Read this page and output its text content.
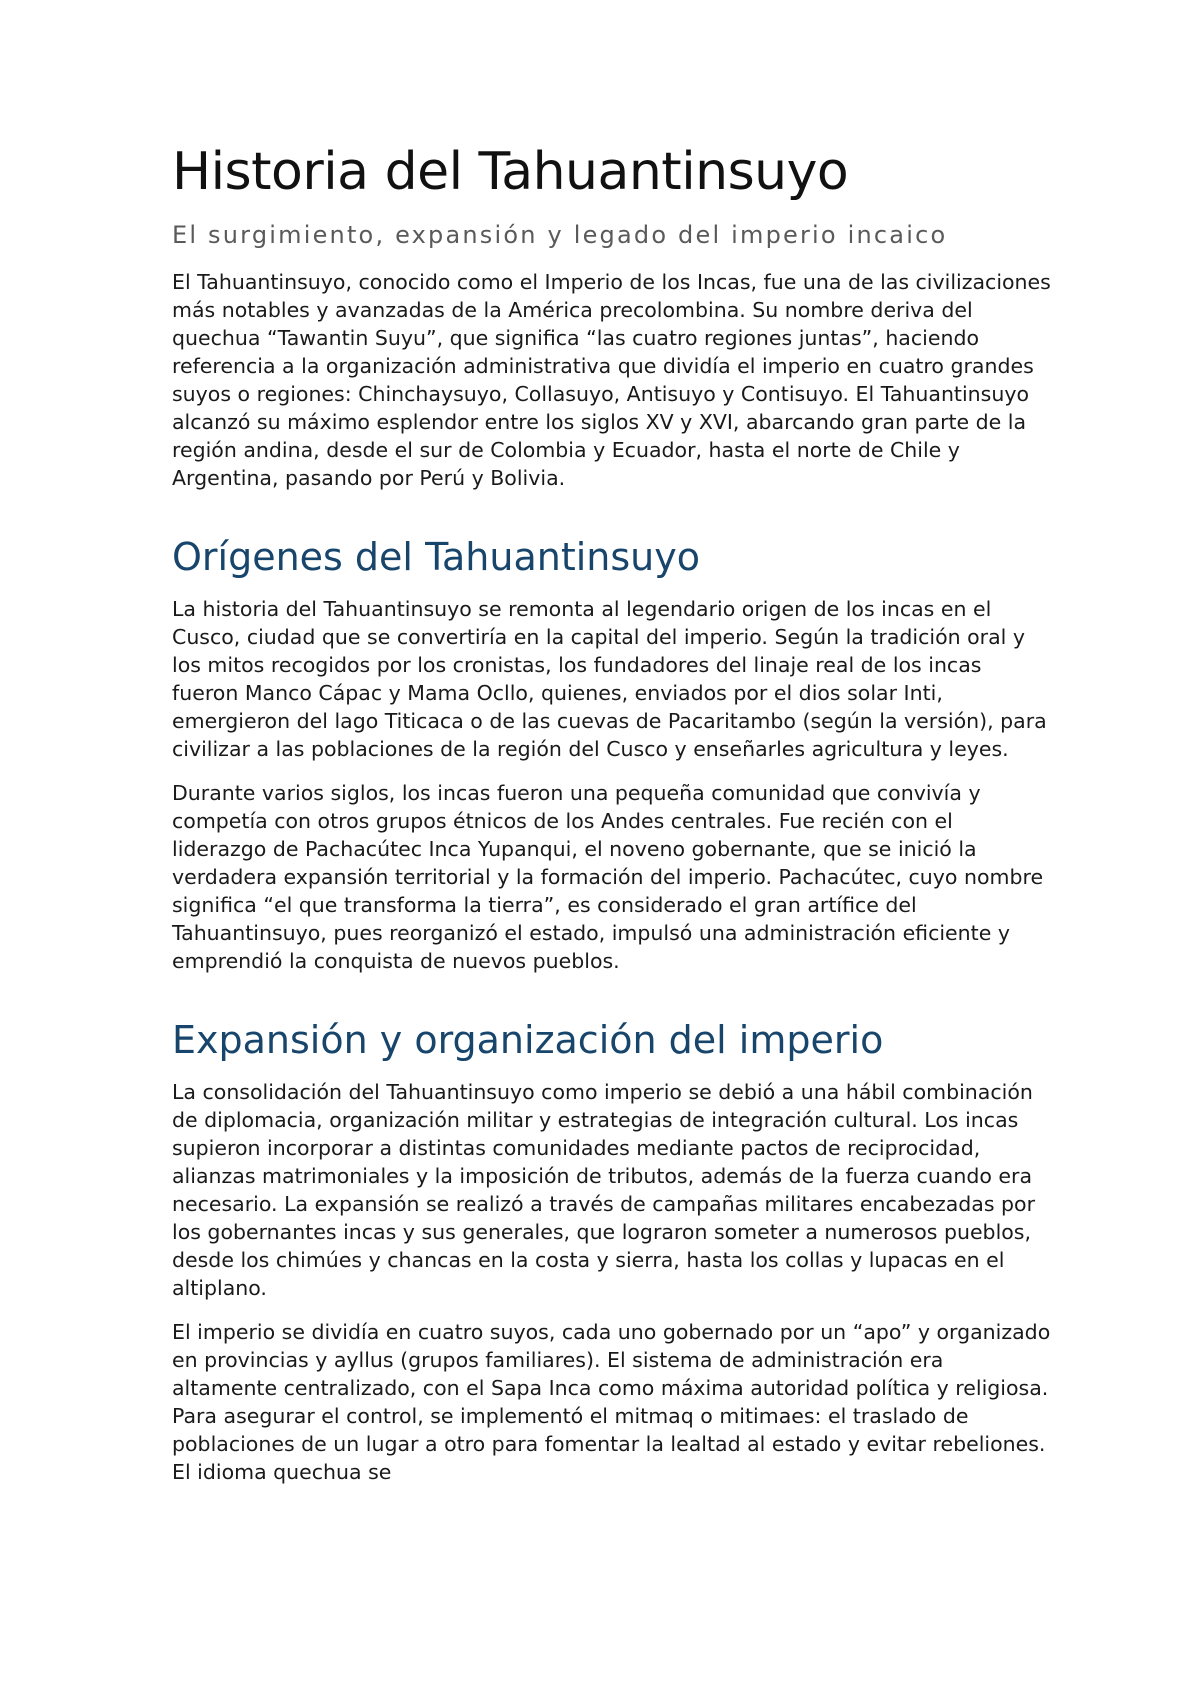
Historia del Tahuantinsuyo

El surgimiento, expansión y legado del imperio incaico

El Tahuantinsuyo, conocido como el Imperio de los Incas, fue una de las civilizaciones más notables y avanzadas de la América precolombina. Su nombre deriva del quechua “Tawantin Suyu”, que significa “las cuatro regiones juntas”, haciendo referencia a la organización administrativa que dividía el imperio en cuatro grandes suyos o regiones: Chinchaysuyo, Collasuyo, Antisuyo y Contisuyo. El Tahuantinsuyo alcanzó su máximo esplendor entre los siglos XV y XVI, abarcando gran parte de la región andina, desde el sur de Colombia y Ecuador, hasta el norte de Chile y Argentina, pasando por Perú y Bolivia.

Orígenes del Tahuantinsuyo

La historia del Tahuantinsuyo se remonta al legendario origen de los incas en el Cusco, ciudad que se convertiría en la capital del imperio. Según la tradición oral y los mitos recogidos por los cronistas, los fundadores del linaje real de los incas fueron Manco Cápac y Mama Ocllo, quienes, enviados por el dios solar Inti, emergieron del lago Titicaca o de las cuevas de Pacaritambo (según la versión), para civilizar a las poblaciones de la región del Cusco y enseñarles agricultura y leyes.

Durante varios siglos, los incas fueron una pequeña comunidad que convivía y competía con otros grupos étnicos de los Andes centrales. Fue recién con el liderazgo de Pachacútec Inca Yupanqui, el noveno gobernante, que se inició la verdadera expansión territorial y la formación del imperio. Pachacútec, cuyo nombre significa “el que transforma la tierra”, es considerado el gran artífice del Tahuantinsuyo, pues reorganizó el estado, impulsó una administración eficiente y emprendió la conquista de nuevos pueblos.

Expansión y organización del imperio

La consolidación del Tahuantinsuyo como imperio se debió a una hábil combinación de diplomacia, organización militar y estrategias de integración cultural. Los incas supieron incorporar a distintas comunidades mediante pactos de reciprocidad, alianzas matrimoniales y la imposición de tributos, además de la fuerza cuando era necesario. La expansión se realizó a través de campañas militares encabezadas por los gobernantes incas y sus generales, que lograron someter a numerosos pueblos, desde los chimúes y chancas en la costa y sierra, hasta los collas y lupacas en el altiplano.

El imperio se dividía en cuatro suyos, cada uno gobernado por un “apo” y organizado en provincias y ayllus (grupos familiares). El sistema de administración era altamente centralizado, con el Sapa Inca como máxima autoridad política y religiosa. Para asegurar el control, se implementó el mitmaq o mitimaes: el traslado de poblaciones de un lugar a otro para fomentar la lealtad al estado y evitar rebeliones. El idioma quechua se
